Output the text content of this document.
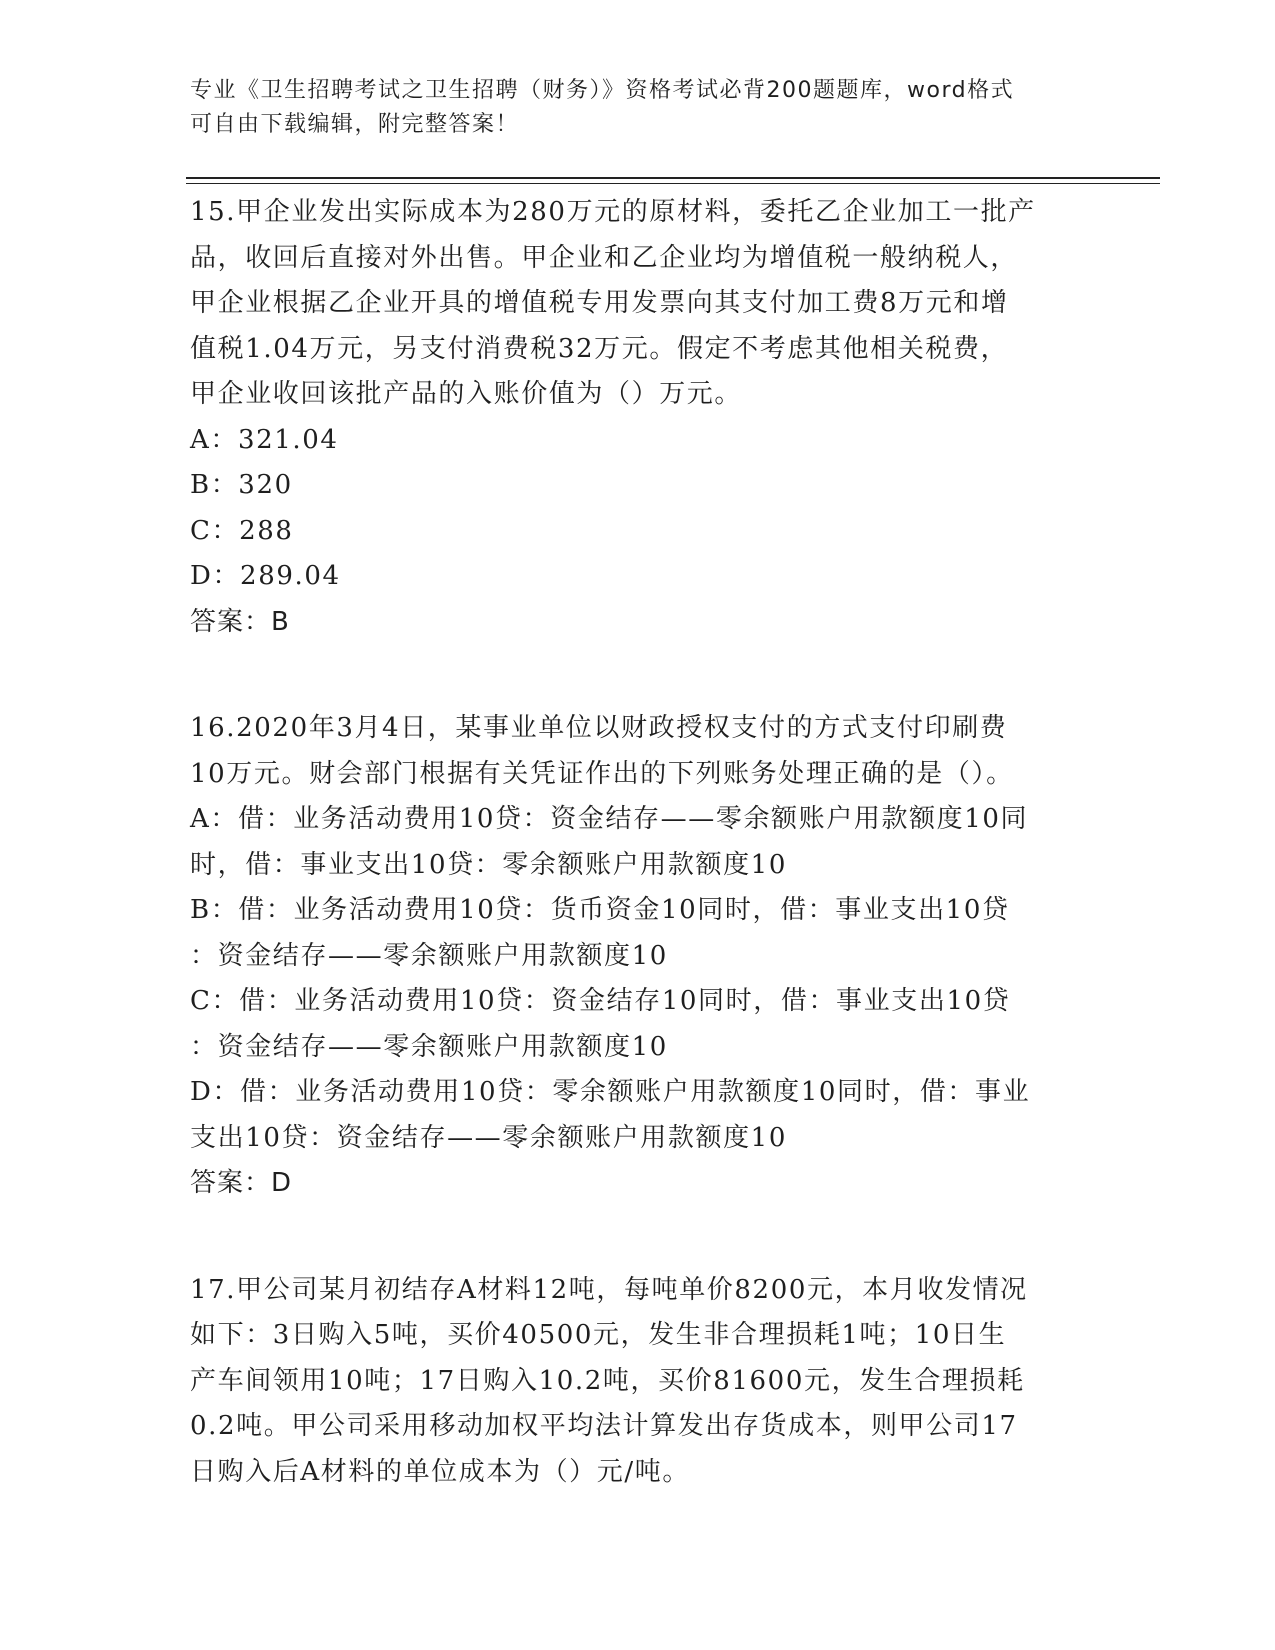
专业《卫生招聘考试之卫生招聘（财务）》资格考试必背200题题库，word格式
可自由下载编辑，附完整答案！
15.甲企业发出实际成本为280万元的原材料，委托乙企业加工一批产
品，收回后直接对外出售。甲企业和乙企业均为增值税一般纳税人，
甲企业根据乙企业开具的增值税专用发票向其支付加工费8万元和增
值税1.04万元，另支付消费税32万元。假定不考虑其他相关税费，
甲企业收回该批产品的入账价值为（）万元。
A：321.04
B：320
C：288
D：289.04
答案：B
16.2020年3月4日，某事业单位以财政授权支付的方式支付印刷费
10万元。财会部门根据有关凭证作出的下列账务处理正确的是（）。
A：借：业务活动费用10贷：资金结存——零余额账户用款额度10同
时，借：事业支出10贷：零余额账户用款额度10
B：借：业务活动费用10贷：货币资金10同时，借：事业支出10贷
：资金结存——零余额账户用款额度10
C：借：业务活动费用10贷：资金结存10同时，借：事业支出10贷
：资金结存——零余额账户用款额度10
D：借：业务活动费用10贷：零余额账户用款额度10同时，借：事业
支出10贷：资金结存——零余额账户用款额度10
答案：D
17.甲公司某月初结存A材料12吨，每吨单价8200元，本月收发情况
如下：3日购入5吨，买价40500元，发生非合理损耗1吨；10日生
产车间领用10吨；17日购入10.2吨，买价81600元，发生合理损耗
0.2吨。甲公司采用移动加权平均法计算发出存货成本，则甲公司17
日购入后A材料的单位成本为（）元/吨。
